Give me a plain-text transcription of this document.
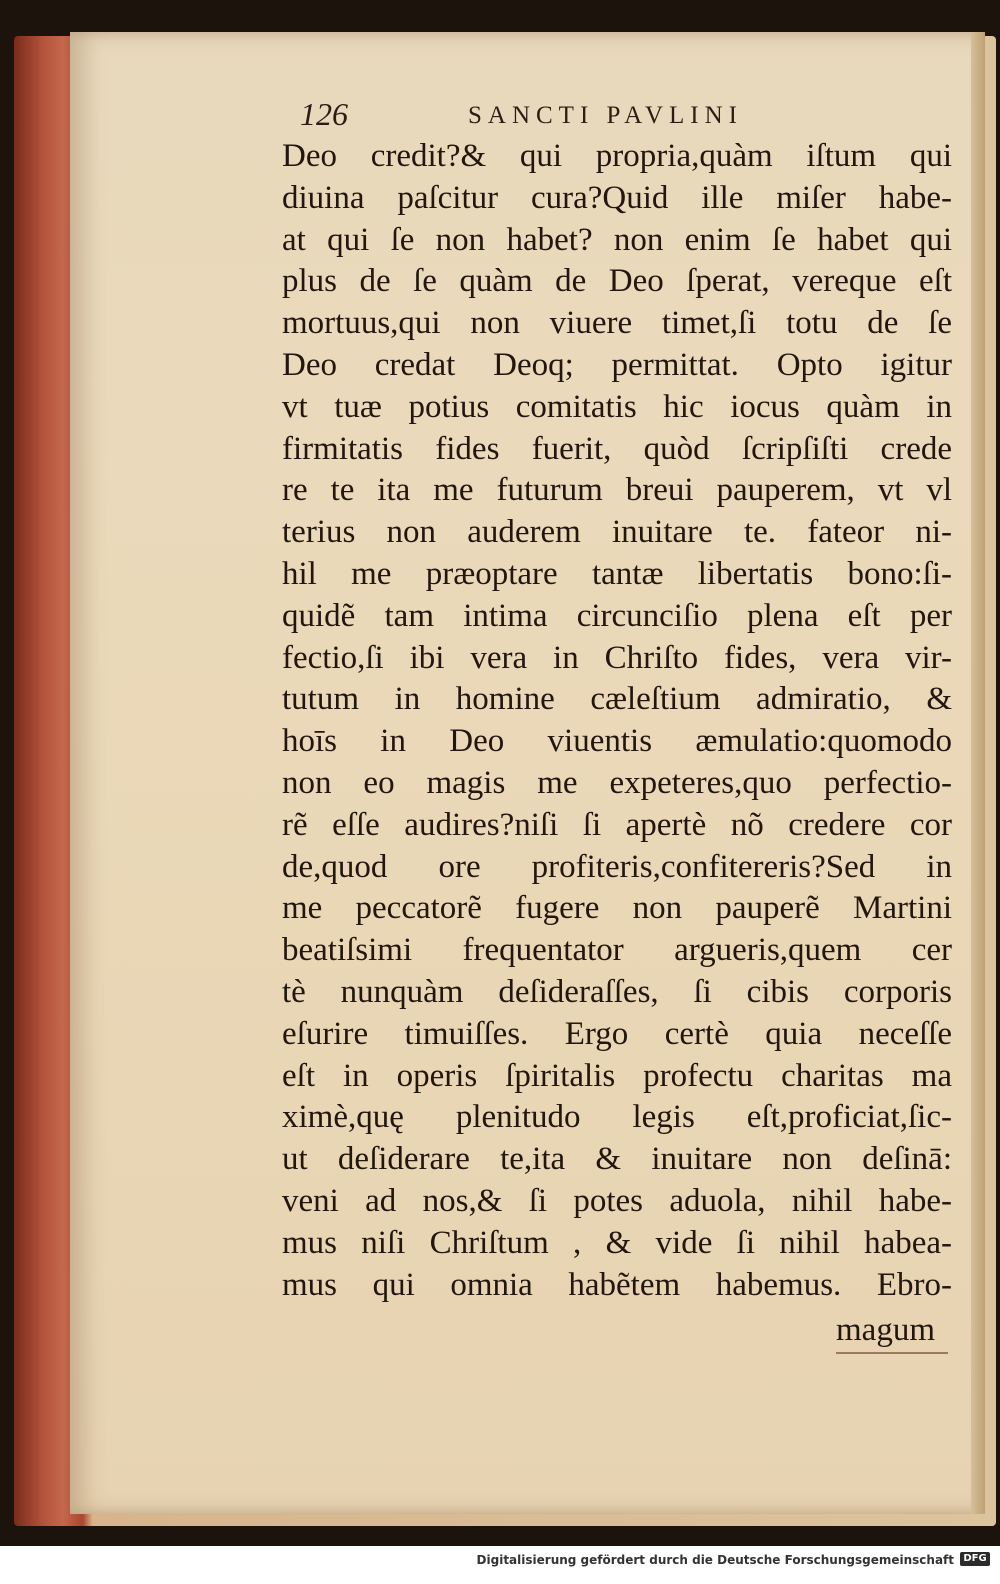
126	SANCTI PAVLINI
Deo credit?& qui propria,quàm iſtum qui
diuina paſcitur cura?Quid ille miſer habe-
at qui ſe non habet? non enim ſe habet qui
plus de ſe quàm de Deo ſperat, vereque eſt
mortuus,qui non viuere timet,ſi totu de ſe
Deo credat Deoq; permittat. Opto igitur
vt tuæ potius comitatis hic iocus quàm in
firmitatis fides fuerit, quòd ſcripſiſti crede
re te ita me futurum breui pauperem, vt vl
terius non auderem inuitare te. fateor ni-
hil me præoptare tantæ libertatis bono:ſi-
quidẽ tam intima circunciſio plena eſt per
fectio,ſi ibi vera in Chriſto fides, vera vir-
tutum in homine cæleſtium admiratio, &
hoīs in Deo viuentis æmulatio:quomodo
non eo magis me expeteres,quo perfectio-
rẽ eſſe audires?niſi ſi apertè nõ credere cor
de,quod ore profiteris,confitereris?Sed in
me peccatorẽ fugere non pauperẽ Martini
beatiſsimi frequentator argueris,quem cer
tè nunquàm deſideraſſes, ſi cibis corporis
eſurire timuiſſes. Ergo certè quia neceſſe
eſt in operis ſpiritalis profectu charitas ma
ximè,quę plenitudo legis eſt,proficiat,ſic-
ut deſiderare te,ita & inuitare non deſinā:
veni ad nos,& ſi potes aduola, nihil habe-
mus niſi Chriſtum , & vide ſi nihil habea-
mus qui omnia habẽtem habemus. Ebro-
magum
Digitalisierung gefördert durch die Deutsche Forschungsgemeinschaft DFG
